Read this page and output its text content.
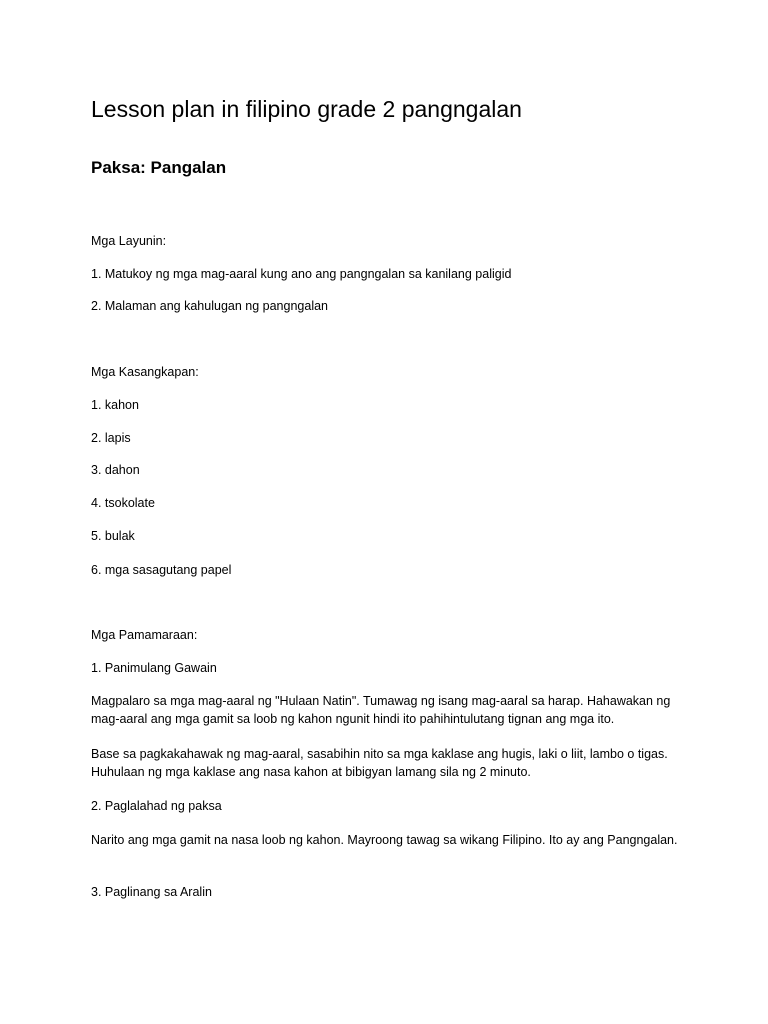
Lesson plan in filipino grade 2 pangngalan
Paksa: Pangalan
Mga Layunin:
1. Matukoy ng mga mag-aaral kung ano ang pangngalan sa kanilang paligid
2. Malaman ang kahulugan ng pangngalan
Mga Kasangkapan:
1. kahon
2. lapis
3. dahon
4. tsokolate
5. bulak
6. mga sasagutang papel
Mga Pamamaraan:
1. Panimulang Gawain
Magpalaro sa mga mag-aaral ng "Hulaan Natin". Tumawag ng isang mag-aaral sa harap. Hahawakan ng mag-aaral ang mga gamit sa loob ng kahon ngunit hindi ito pahihintulutang tignan ang mga ito.
Base sa pagkakahawak ng mag-aaral, sasabihin nito sa mga kaklase ang hugis, laki o liit, lambo o tigas. Huhulaan ng mga kaklase ang nasa kahon at bibigyan lamang sila ng 2 minuto.
2. Paglalahad ng paksa
Narito ang mga gamit na nasa loob ng kahon. Mayroong tawag sa wikang Filipino. Ito ay ang Pangngalan.
3. Paglinang sa Aralin
